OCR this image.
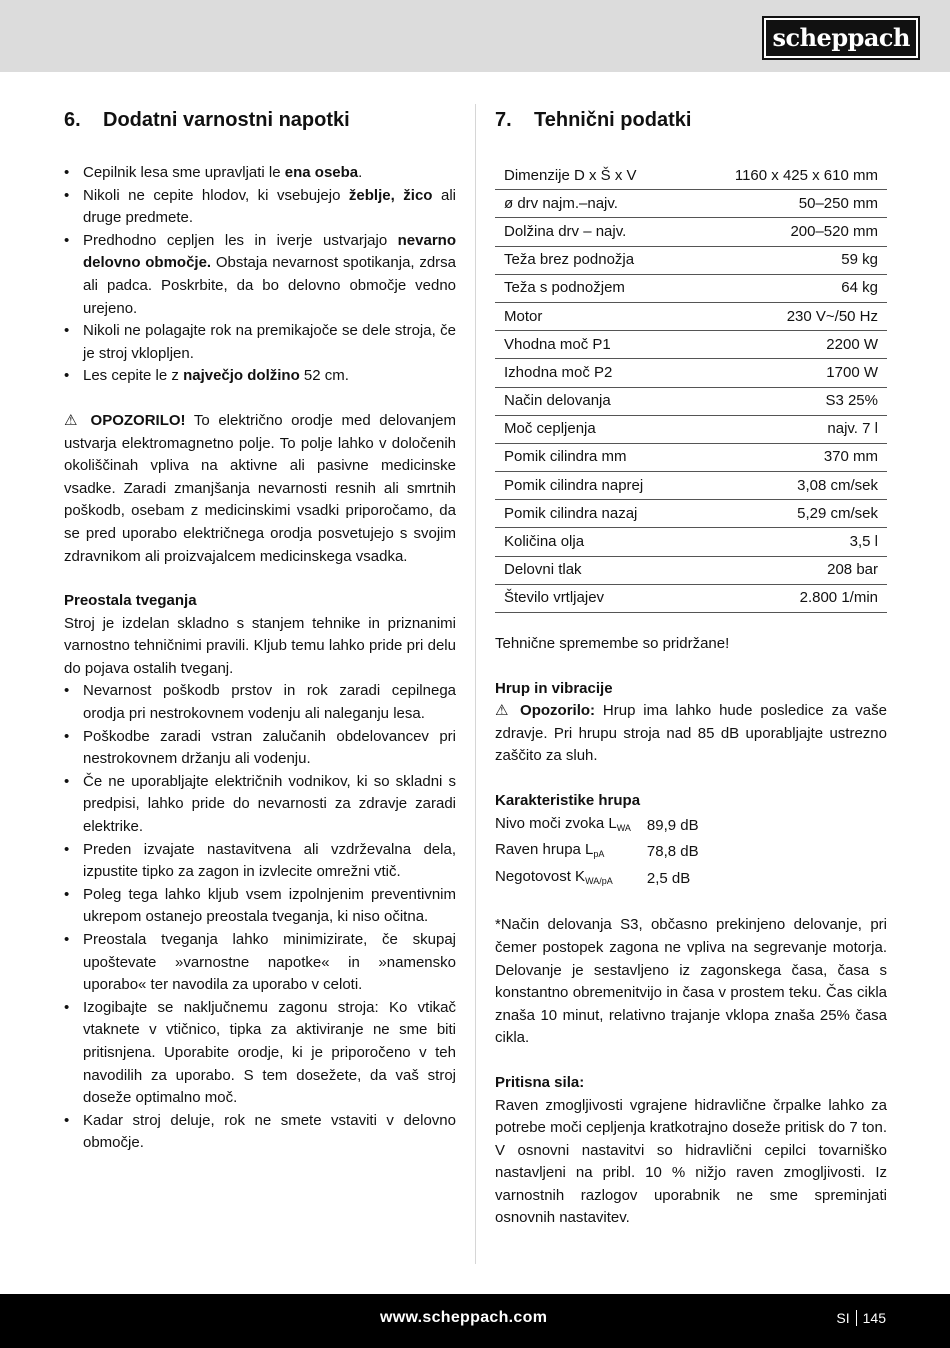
scheppach
6. Dodatni varnostni napotki
• Cepilnik lesa sme upravljati le ena oseba.
• Nikoli ne cepite hlodov, ki vsebujejo žeblje, žico ali druge predmete.
• Predhodno cepljen les in iverje ustvarjajo nevarno delovno območje. Obstaja nevarnost spotikanja, zdrsa ali padca. Poskrbite, da bo delovno območje vedno urejeno.
• Nikoli ne polagajte rok na premikajoče se dele stroja, če je stroj vklopljen.
• Les cepite le z največjo dolžino 52 cm.

⚠ OPOZORILO! To električno orodje med delovanjem ustvarja elektromagnetno polje. To polje lahko v določenih okoliščinah vpliva na aktivne ali pasivne medicinske vsadke. Zaradi zmanjšanja nevarnosti resnih ali smrtnih poškodb, osebam z medicinskimi vsadki priporočamo, da se pred uporabo električnega orodja posvetujejo s svojim zdravnikom ali proizvajalcem medicinskega vsadka.

Preostala tveganja

Stroj je izdelan skladno s stanjem tehnike in priznanimi varnostno tehničnimi pravili. Kljub temu lahko pride pri delu do pojava ostalih tveganj.

• Nevarnost poškodb prstov in rok zaradi cepilnega orodja pri nestrokovnem vodenju ali naleganju lesa.
• Poškodbe zaradi vstran zalučanih obdelovancev pri nestrokovnem držanju ali vodenju.
• Če ne uporabljajte električnih vodnikov, ki so skladni s predpisi, lahko pride do nevarnosti za zdravje zaradi elektrike.
• Preden izvajate nastavitvena ali vzdrževalna dela, izpustite tipko za zagon in izvlecite omrežni vtič.
• Poleg tega lahko kljub vsem izpolnjenim preventivnim ukrepom ostanejo preostala tveganja, ki niso očitna.
• Preostala tveganja lahko minimizirate, če skupaj upoštevate »varnostne napotke« in »namensko uporabo« ter navodila za uporabo v celoti.
• Izogibajte se naključnemu zagonu stroja: Ko vtikač vtaknete v vtičnico, tipka za aktiviranje ne sme biti pritisnjena. Uporabite orodje, ki je priporočeno v teh navodilih za uporabo. S tem dosežete, da vaš stroj doseže optimalno moč.
• Kadar stroj deluje, rok ne smete vstaviti v delovno območje.
7. Tehnični podatki
Dimenzije D x Š x V	1160 x 425 x 610 mm
ø drv najm.–najv.	50–250 mm
Dolžina drv – najv.	200–520 mm
Teža brez podnožja	59 kg
Teža s podnožjem	64 kg
Motor	230 V~/50 Hz
Vhodna moč P1	2200 W
Izhodna moč P2	1700 W
Način delovanja	S3 25%
Moč cepljenja	najv. 7 l
Pomik cilindra mm	370 mm
Pomik cilindra naprej	3,08 cm/sek
Pomik cilindra nazaj	5,29 cm/sek
Količina olja	3,5 l
Delovni tlak	208 bar
Število vrtljajev	2.800 1/min

Tehnične spremembe so pridržane!

Hrup in vibracije

⚠ Opozorilo: Hrup ima lahko hude posledice za vaše zdravje. Pri hrupu stroja nad 85 dB uporabljajte ustrezno zaščito za sluh.

Karakteristike hrupa
Nivo moči zvoka $L_{WA}$	89,9 dB
Raven hrupa $L_{pA}$	78,8 dB
Negotovost $K_{WA/pA}$	2,5 dB

*Način delovanja S3, občasno prekinjeno delovanje, pri čemer postopek zagona ne vpliva na segrevanje motorja. Delovanje je sestavljeno iz zagonskega časa, časa s konstantno obremenitvijo in časa v prostem teku. Čas cikla znaša 10 minut, relativno trajanje vklopa znaša 25% časa cikla.

Pritisna sila:

Raven zmogljivosti vgrajene hidravlične črpalke lahko za potrebe moči cepljenja kratkotrajno doseže pritisk do 7 ton. V osnovni nastavitvi so hidravlični cepilci tovarniško nastavljeni na pribl. 10 % nižjo raven zmogljivosti. Iz varnostnih razlogov uporabnik ne sme spreminjati osnovnih nastavitev.

www.scheppach.com	SI 145
